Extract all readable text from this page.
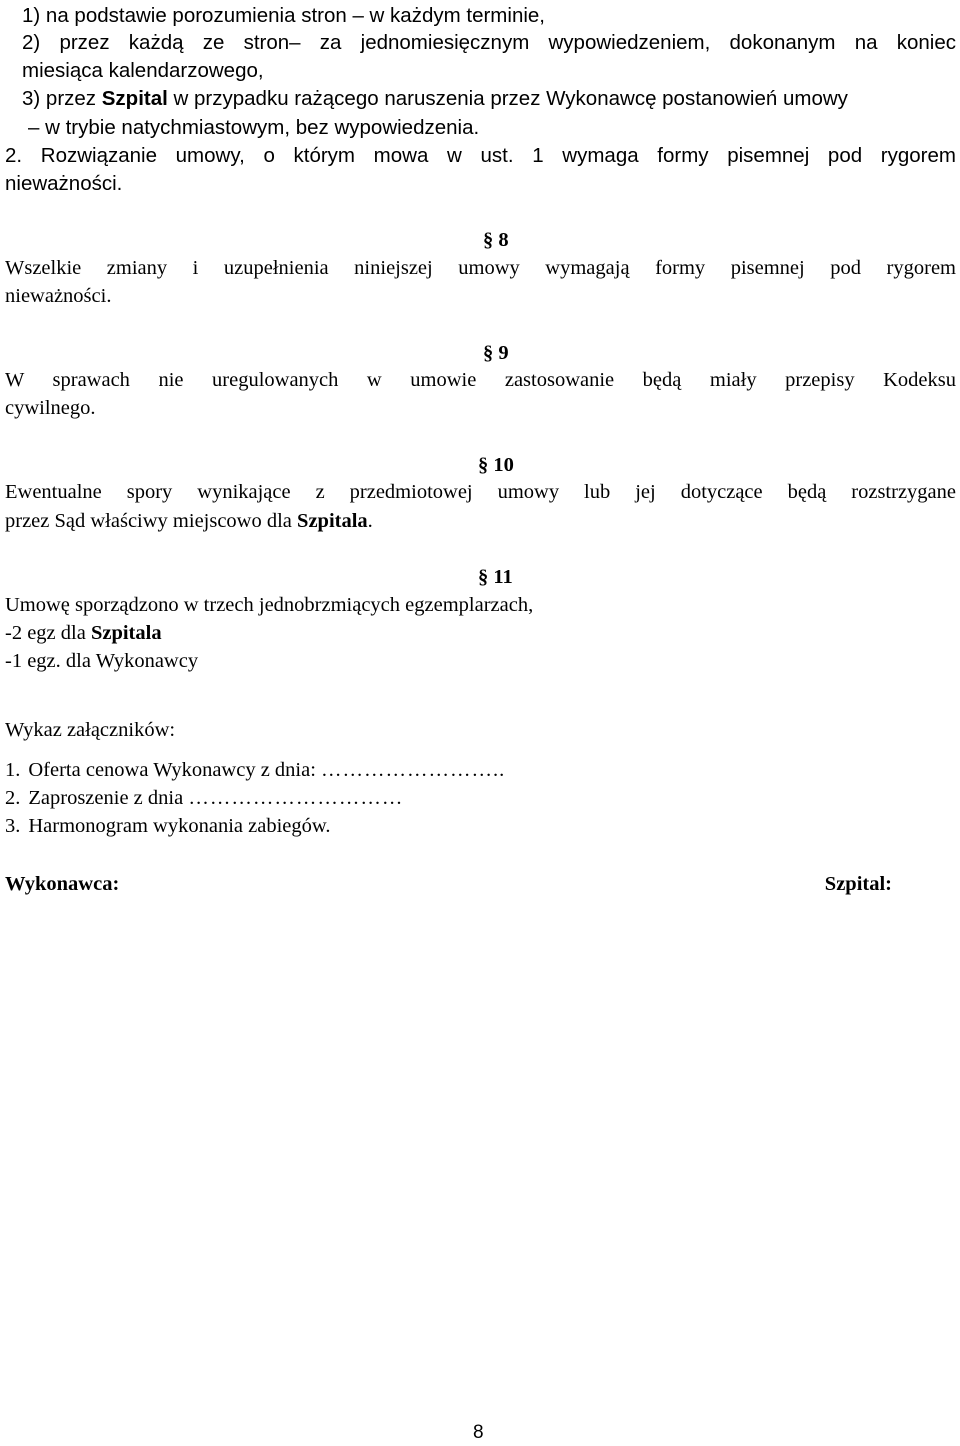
1) na podstawie porozumienia stron – w każdym terminie,
2) przez każdą ze stron– za jednomiesięcznym wypowiedzeniem, dokonanym na koniec
miesiąca kalendarzowego,
3) przez Szpital w przypadku rażącego naruszenia przez Wykonawcę postanowień umowy
– w trybie natychmiastowym, bez wypowiedzenia.
2. Rozwiązanie umowy, o którym mowa w ust. 1 wymaga formy pisemnej pod rygorem
nieważności.
§ 8
Wszelkie zmiany i uzupełnienia niniejszej umowy wymagają formy pisemnej pod rygorem
nieważności.
§ 9
W sprawach nie uregulowanych w umowie zastosowanie będą miały przepisy Kodeksu
cywilnego.
§ 10
Ewentualne spory wynikające z przedmiotowej umowy lub jej dotyczące będą rozstrzygane
przez Sąd właściwy miejscowo dla Szpitala.
§ 11
Umowę sporządzono w trzech jednobrzmiących egzemplarzach,
-2 egz dla Szpitala
-1 egz. dla Wykonawcy
Wykaz załączników:
1. Oferta cenowa Wykonawcy z dnia: ……………………..
2. Zaproszenie z dnia …………………………
3. Harmonogram wykonania zabiegów.
Wykonawca:	Szpital:
8
